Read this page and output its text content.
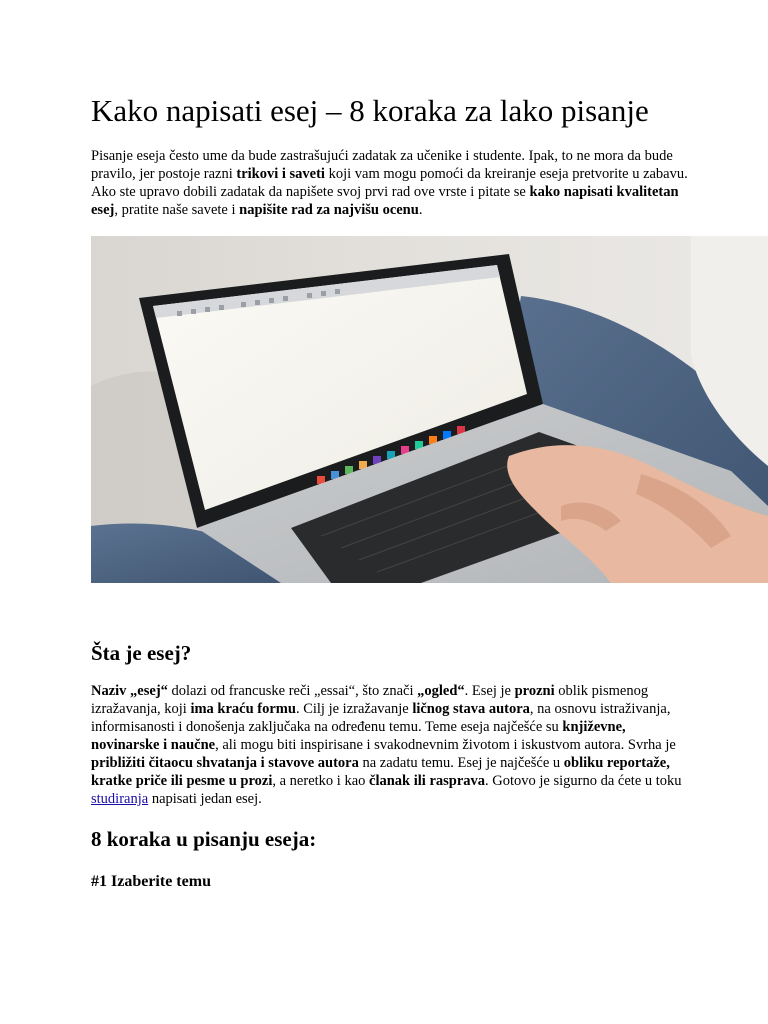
Kako napisati esej – 8 koraka za lako pisanje

Pisanje eseja često ume da bude zastrašujući zadatak za učenike i studente. Ipak, to ne mora da bude pravilo, jer postoje razni trikovi i saveti koji vam mogu pomoći da kreiranje eseja pretvorite u zabavu. Ako ste upravo dobili zadatak da napišete svoj prvi rad ove vrste i pitate se kako napisati kvalitetan esej, pratite naše savete i napišite rad za najvišu ocenu.

Šta je esej?

Naziv „esej“ dolazi od francuske reči „essai“, što znači „ogled“. Esej je prozni oblik pismenog izražavanja, koji ima kraću formu. Cilj je izražavanje ličnog stava autora, na osnovu istraživanja, informisanosti i donošenja zaključaka na određenu temu. Teme eseja najčešće su književne, novinarske i naučne, ali mogu biti inspirisane i svakodnevnim životom i iskustvom autora. Svrha je približiti čitaocu shvatanja i stavove autora na zadatu temu. Esej je najčešće u obliku reportaže, kratke priče ili pesme u prozi, a neretko i kao članak ili rasprava. Gotovo je sigurno da ćete u toku studiranja napisati jedan esej.

8 koraka u pisanju eseja:
#1 Izaberite temu
